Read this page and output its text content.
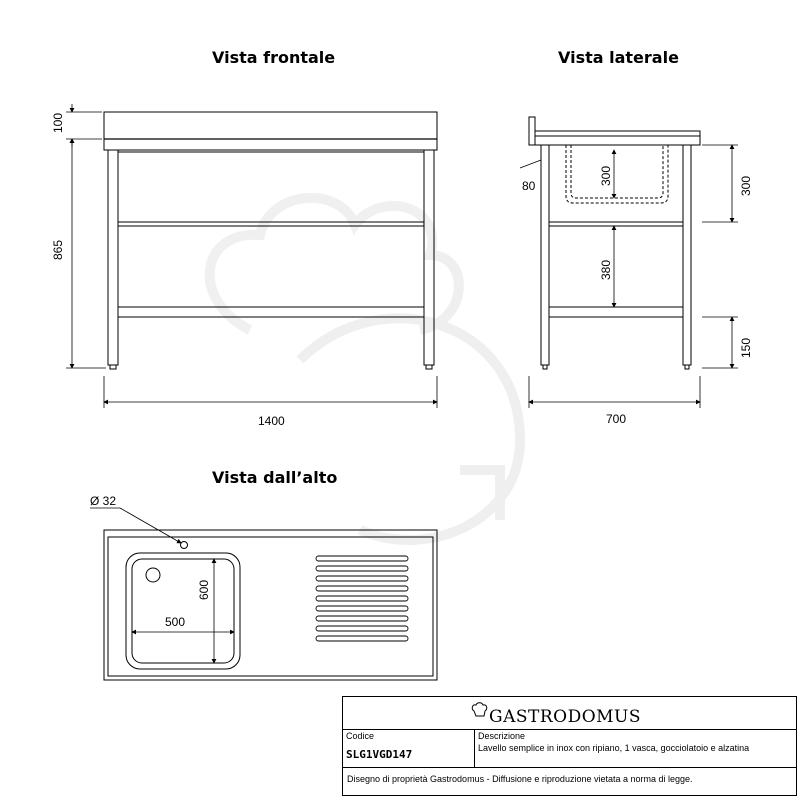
Vista frontale	Vista laterale
Vista dall’alto
100
865
1400
300
80
380
300
150
700
Ø 32
500
600
GASTRODOMUS
Codice
SLG1VGD147
Descrizione
Lavello semplice in inox con ripiano, 1 vasca, gocciolatoio e alzatina
Disegno di proprietà Gastrodomus - Diffusione e riproduzione vietata a norma di legge.
